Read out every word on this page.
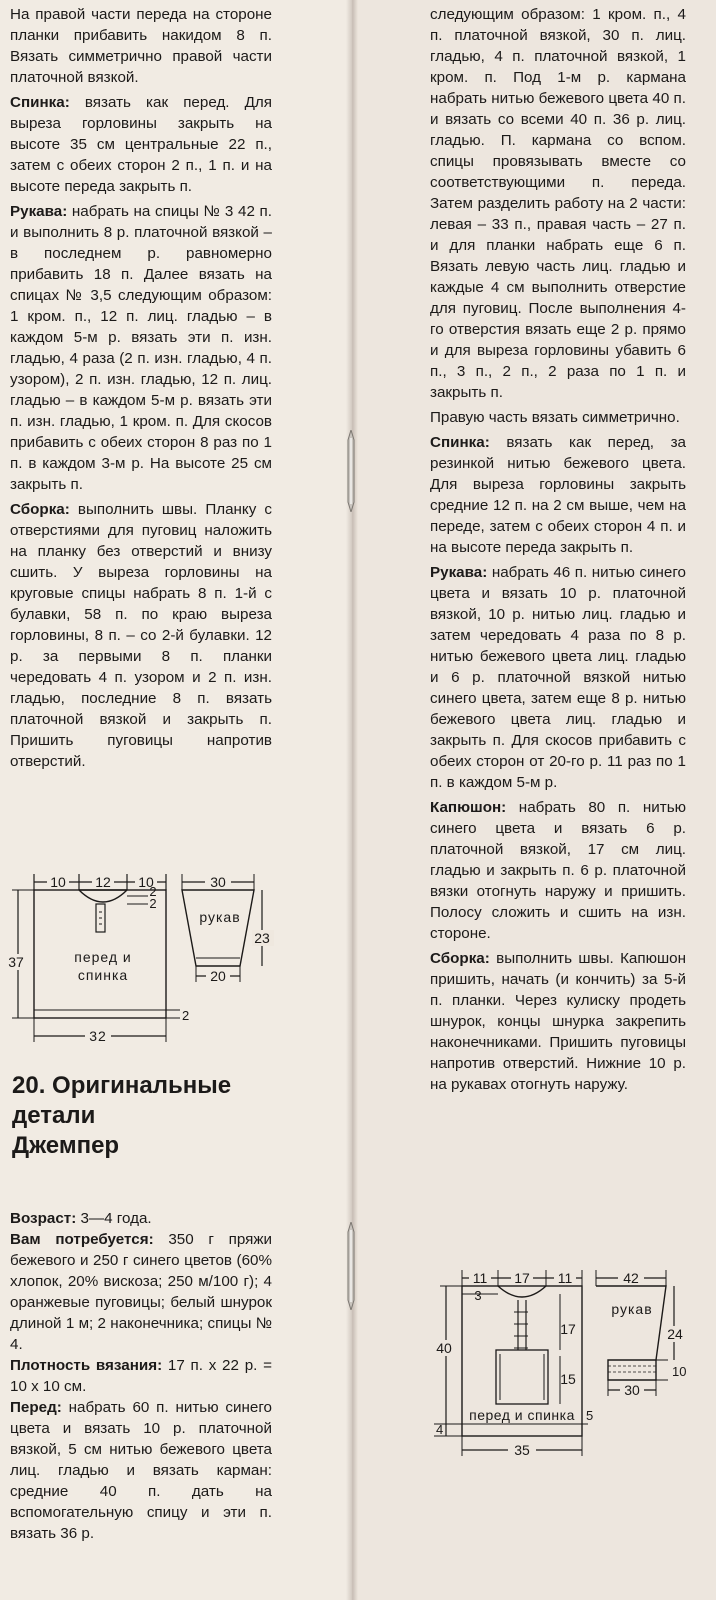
На правой части переда на стороне планки прибавить накидом 8 п. Вязать симметрично правой части платочной вязкой.

Спинка: вязать как перед. Для выреза горловины закрыть на высоте 35 см центральные 22 п., затем с обеих сторон 2 п., 1 п. и на высоте переда закрыть п.

Рукава: набрать на спицы № 3 42 п. и выполнить 8 р. платочной вязкой – в последнем р. равномерно прибавить 18 п. Далее вязать на спицах № 3,5 следующим образом: 1 кром. п., 12 п. лиц. гладью – в каждом 5-м р. вязать эти п. изн. гладью, 4 раза (2 п. изн. гладью, 4 п. узором), 2 п. изн. гладью, 12 п. лиц. гладью – в каждом 5-м р. вязать эти п. изн. гладью, 1 кром. п. Для скосов прибавить с обеих сторон 8 раз по 1 п. в каждом 3-м р. На высоте 25 см закрыть п.

Сборка: выполнить швы. Планку с отверстиями для пуговиц наложить на планку без отверстий и внизу сшить. У выреза горловины на круговые спицы набрать 8 п. 1-й с булавки, 58 п. по краю выреза горловины, 8 п. – со 2-й булавки. 12 р. за первыми 8 п. планки чередовать 4 п. узором и 2 п. изн. гладью, последние 8 п. вязать платочной вязкой и закрыть п. Пришить пуговицы напротив отверстий.

10 12 10
2
2
37	перед и
спинка
2
32
30
рукав
23
20
20. Оригинальные
детали
Джемпер

Возраст: 3—4 года.

Вам потребуется: 350 г пряжи бежевого и 250 г синего цветов (60% хлопок, 20% вискоза; 250 м/100 г); 4 оранжевые пуговицы; белый шнурок длиной 1 м; 2 наконечника; спицы № 4.

Плотность вязания: 17 п. х 22 р. = 10 х 10 см.

Перед: набрать 60 п. нитью синего цвета и вязать 10 р. платочной вязкой, 5 см нитью бежевого цвета лиц. гладью и вязать карман: средние 40 п. дать на вспомогательную спицу и эти п. вязать 36 р.

следующим образом: 1 кром. п., 4 п. платочной вязкой, 30 п. лиц. гладью, 4 п. платочной вязкой, 1 кром. п. Под 1-м р. кармана набрать нитью бежевого цвета 40 п. и вязать со всеми 40 п. 36 р. лиц. гладью. П. кармана со вспом. спицы провязывать вместе со соответствующими п. переда. Затем разделить работу на 2 части: левая – 33 п., правая часть – 27 п. и для планки набрать еще 6 п. Вязать левую часть лиц. гладью и каждые 4 см выполнить отверстие для пуговиц. После выполнения 4-го отверстия вязать еще 2 р. прямо и для выреза горловины убавить 6 п., 3 п., 2 п., 2 раза по 1 п. и закрыть п.

Правую часть вязать симметрично.

Спинка: вязать как перед, за резинкой нитью бежевого цвета. Для выреза горловины закрыть средние 12 п. на 2 см выше, чем на переде, затем с обеих сторон 4 п. и на высоте переда закрыть п.

Рукава: набрать 46 п. нитью синего цвета и вязать 10 р. платочной вязкой, 10 р. нитью лиц. гладью и затем чередовать 4 раза по 8 р. нитью бежевого цвета лиц. гладью и 6 р. платочной вязкой нитью синего цвета, затем еще 8 р. нитью бежевого цвета лиц. гладью и закрыть п. Для скосов прибавить с обеих сторон от 20-го р. 11 раз по 1 п. в каждом 5-м р.

Капюшон: набрать 80 п. нитью синего цвета и вязать 6 р. платочной вязкой, 17 см лиц. гладью и закрыть п. 6 р. платочной вязки отогнуть наружу и пришить. Полосу сложить и сшить на изн. стороне.

Сборка: выполнить швы. Капюшон пришить, начать (и кончить) за 5-й п. планки. Через кулиску продеть шнурок, концы шнурка закрепить наконечниками. Пришить пуговицы напротив отверстий. Нижние 10 р. на рукавах отогнуть наружу.

11 17 11
3
17
15
40
4
перед и спинка 5
35
42
рукав
24
10
30
